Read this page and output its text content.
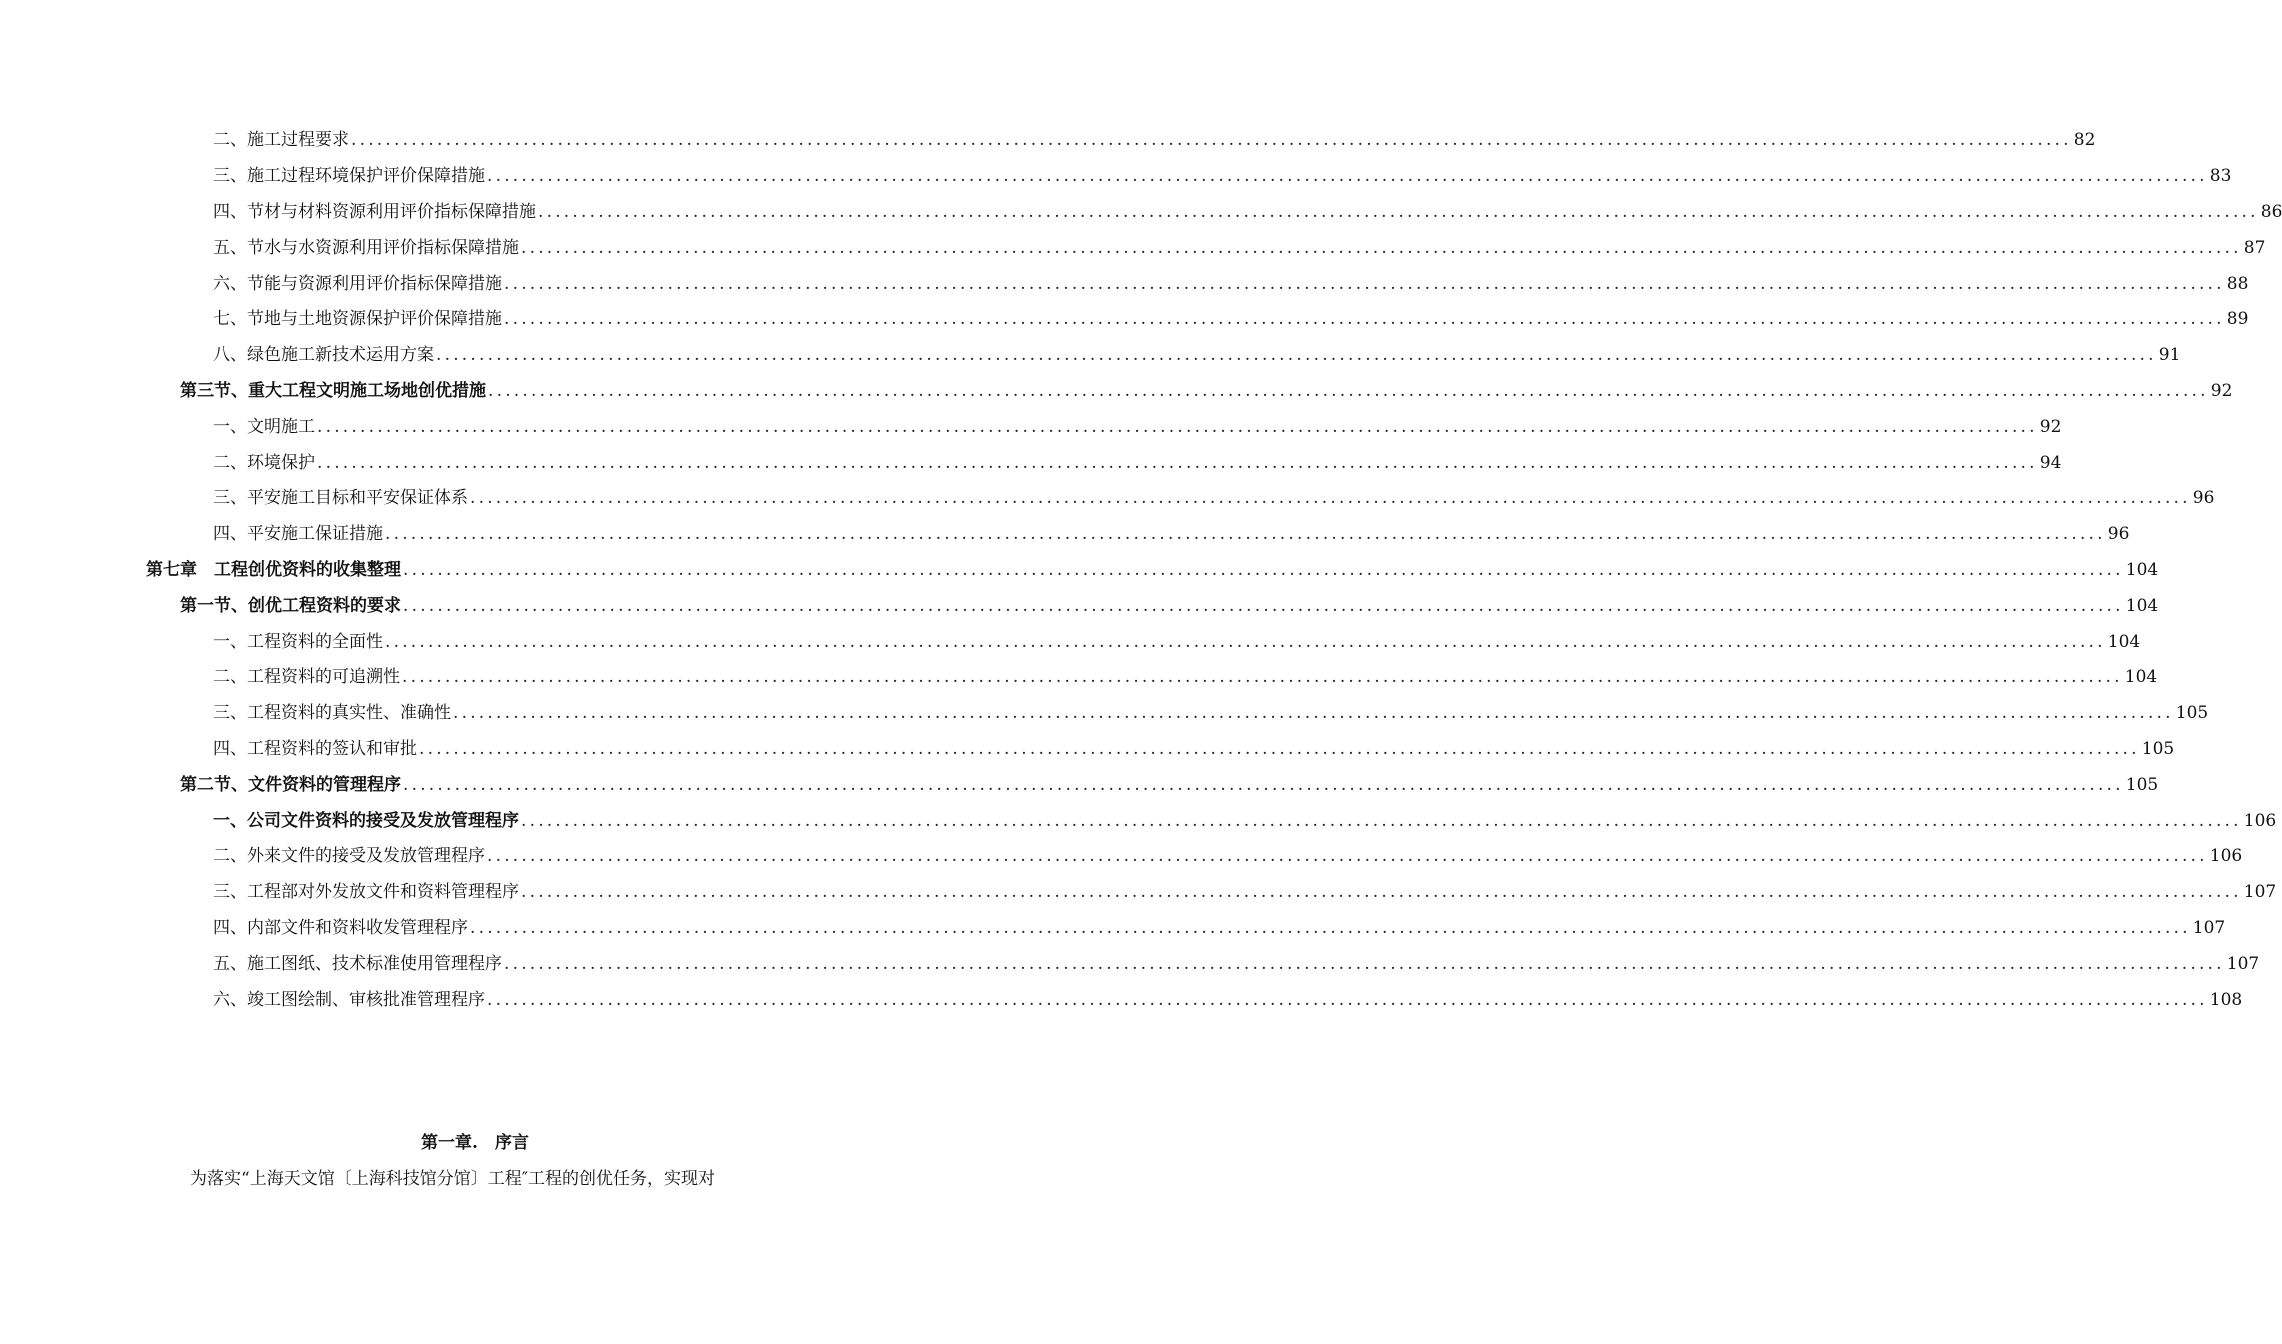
二、施工过程要求 ........................................................................................................................................................................................................ 82
三、施工过程环境保护评价保障措施 ........................................................................................................................................................................................................ 83
四、节材与材料资源利用评价指标保障措施 ........................................................................................................................................................................................................ 86
五、节水与水资源利用评价指标保障措施 ........................................................................................................................................................................................................ 87
六、节能与资源利用评价指标保障措施 ........................................................................................................................................................................................................ 88
七、节地与土地资源保护评价保障措施 ........................................................................................................................................................................................................ 89
八、绿色施工新技术运用方案 ........................................................................................................................................................................................................ 91
第三节、重大工程文明施工场地创优措施 ........................................................................................................................................................................................................ 92
一、文明施工 ........................................................................................................................................................................................................ 92
二、环境保护 ........................................................................................................................................................................................................ 94
三、平安施工目标和平安保证体系 ........................................................................................................................................................................................................ 96
四、平安施工保证措施 ........................................................................................................................................................................................................ 96
第七章　工程创优资料的收集整理 ........................................................................................................................................................................................................ 104
第一节、创优工程资料的要求 ........................................................................................................................................................................................................ 104
一、工程资料的全面性 ........................................................................................................................................................................................................ 104
二、工程资料的可追溯性 ........................................................................................................................................................................................................ 104
三、工程资料的真实性、准确性 ........................................................................................................................................................................................................ 105
四、工程资料的签认和审批 ........................................................................................................................................................................................................ 105
第二节、文件资料的管理程序 ........................................................................................................................................................................................................ 105
一、公司文件资料的接受及发放管理程序 ........................................................................................................................................................................................................ 106
二、外来文件的接受及发放管理程序 ........................................................................................................................................................................................................ 106
三、工程部对外发放文件和资料管理程序 ........................................................................................................................................................................................................ 107
四、内部文件和资料收发管理程序 ........................................................................................................................................................................................................ 107
五、施工图纸、技术标准使用管理程序 ........................................................................................................................................................................................................ 107
六、竣工图绘制、审核批准管理程序 ........................................................................................................................................................................................................ 108
第一章.　序言
为落实“上海天文馆〔上海科技馆分馆〕工程″工程的创优任务，实现对
